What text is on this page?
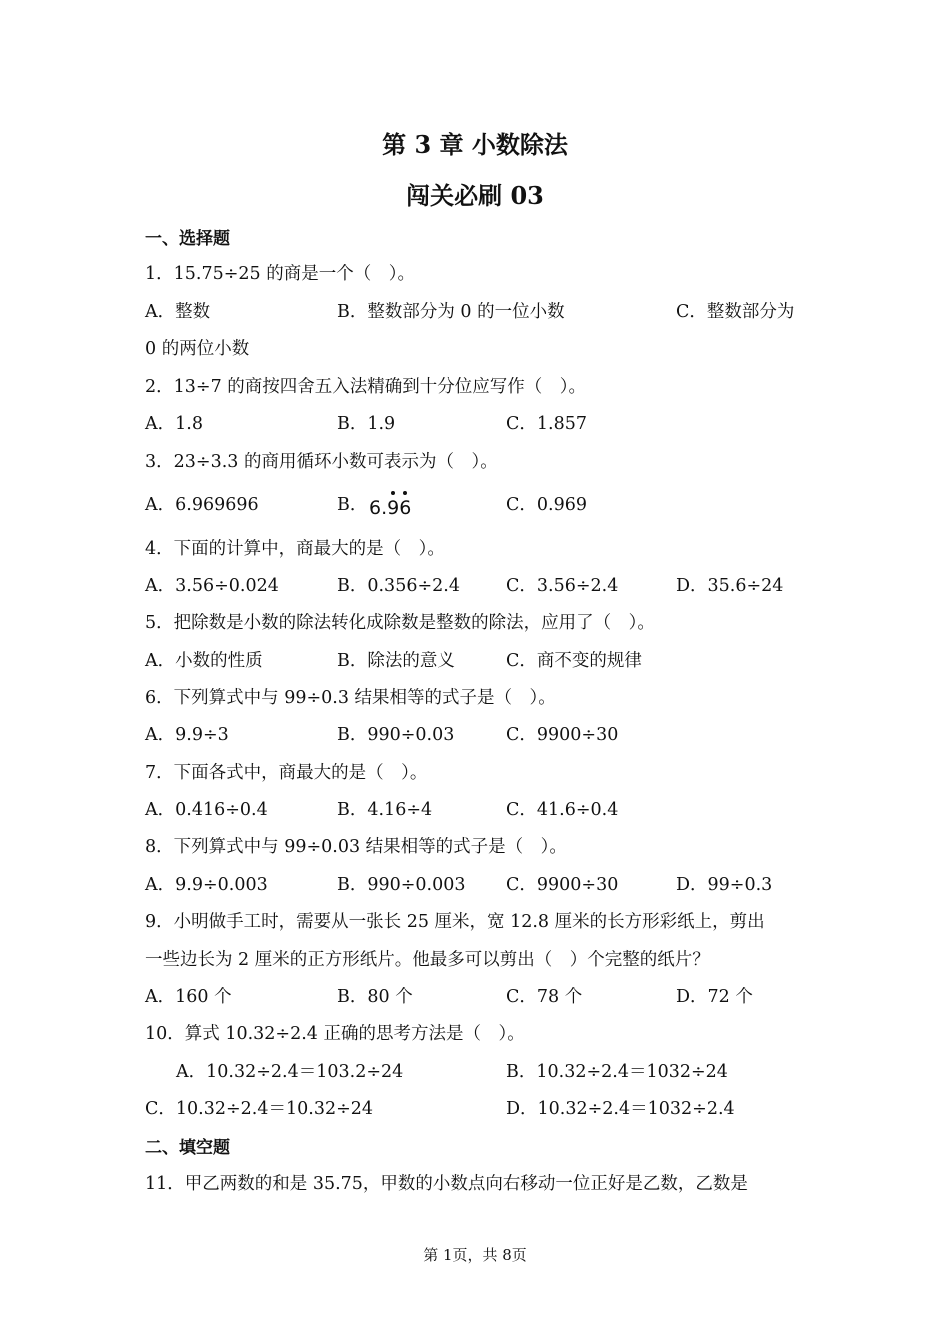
第 3 章 小数除法
闯关必刷 03
一、选择题
1．15.75÷25 的商是一个（　）。
A．整数	B．整数部分为 0 的一位小数	C．整数部分为
0 的两位小数
2．13÷7 的商按四舍五入法精确到十分位应写作（　）。
A．1.8	B．1.9	C．1.857
3．23÷3.3 的商用循环小数可表示为（　）。
A．6.969696	B． 6.96	C．0.969
4．下面的计算中，商最大的是（　）。
A．3.56÷0.024	B．0.356÷2.4	C．3.56÷2.4	D．35.6÷24
5．把除数是小数的除法转化成除数是整数的除法，应用了（　）。
A．小数的性质	B．除法的意义	C．商不变的规律
6．下列算式中与 99÷0.3 结果相等的式子是（　）。
A．9.9÷3	B．990÷0.03	C．9900÷30
7．下面各式中，商最大的是（　）。
A．0.416÷0.4	B．4.16÷4	C．41.6÷0.4
8．下列算式中与 99÷0.03 结果相等的式子是（　）。
A．9.9÷0.003	B．990÷0.003 C．9900÷30	D．99÷0.3
9．小明做手工时，需要从一张长 25 厘米，宽 12.8 厘米的长方形彩纸上，剪出
一些边长为 2 厘米的正方形纸片。他最多可以剪出（　）个完整的纸片？
A．160 个	B．80 个	C．78 个	D．72 个
10．算式 10.32÷2.4 正确的思考方法是（　）。
A．10.32÷2.4＝103.2÷24	B．10.32÷2.4＝1032÷24
C．10.32÷2.4＝10.32÷24	D．10.32÷2.4＝1032÷2.4
二、填空题
11．甲乙两数的和是 35.75，甲数的小数点向右移动一位正好是乙数，乙数是
第 1页，共 8页
